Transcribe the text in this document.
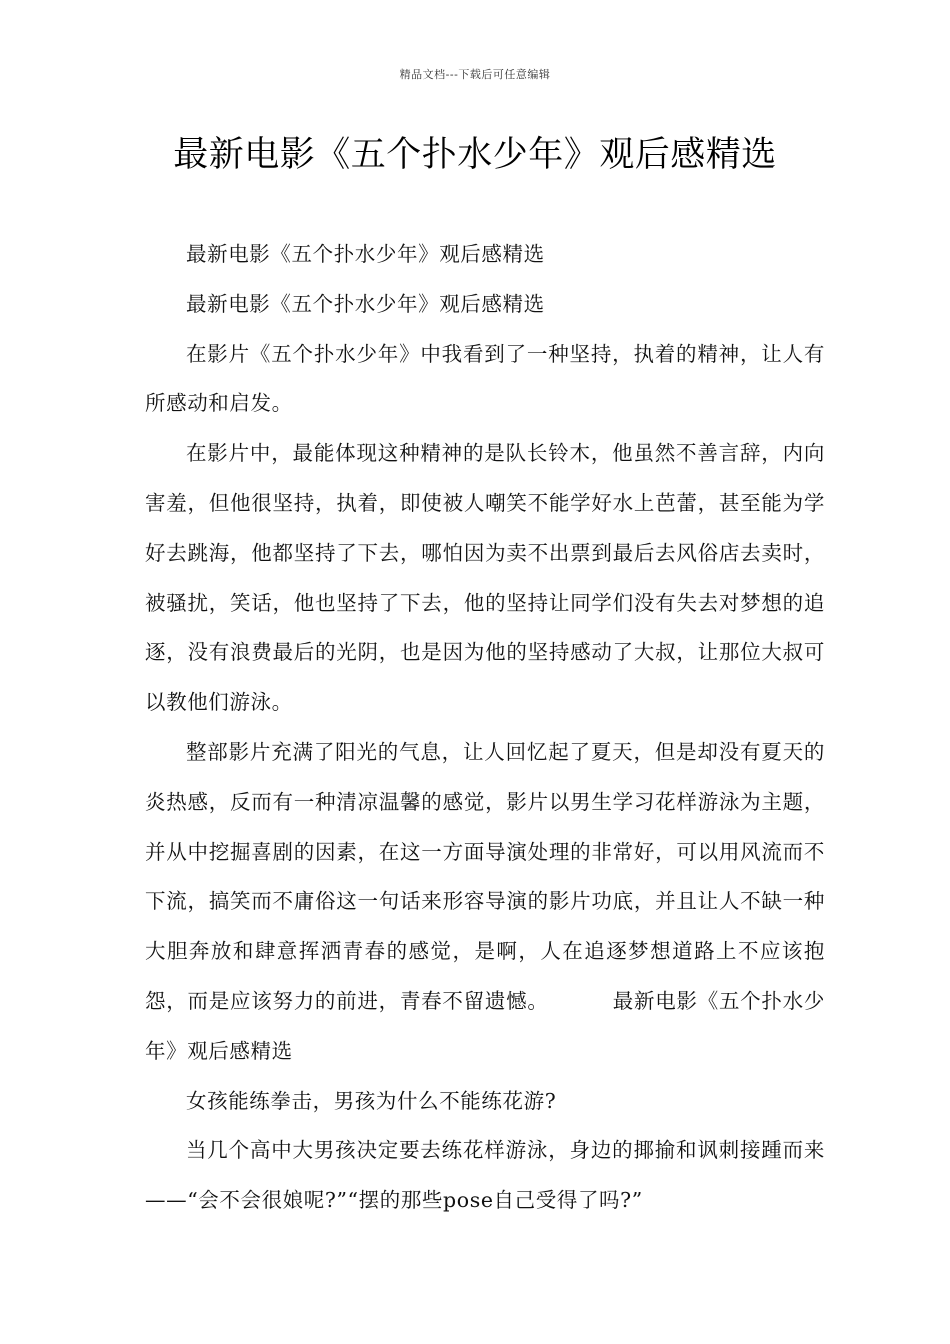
精品文档---下载后可任意编辑
最新电影《五个扑水少年》观后感精选

最新电影《五个扑水少年》观后感精选

最新电影《五个扑水少年》观后感精选

在影片《五个扑水少年》中我看到了一种坚持，执着的精神，让人有所感动和启发。

在影片中，最能体现这种精神的是队长铃木，他虽然不善言辞，内向害羞，但他很坚持，执着，即使被人嘲笑不能学好水上芭蕾，甚至能为学好去跳海，他都坚持了下去，哪怕因为卖不出票到最后去风俗店去卖时，被骚扰，笑话，他也坚持了下去，他的坚持让同学们没有失去对梦想的追逐，没有浪费最后的光阴，也是因为他的坚持感动了大叔，让那位大叔可以教他们游泳。

整部影片充满了阳光的气息，让人回忆起了夏天，但是却没有夏天的炎热感，反而有一种清凉温馨的感觉，影片以男生学习花样游泳为主题，并从中挖掘喜剧的因素，在这一方面导演处理的非常好，可以用风流而不下流，搞笑而不庸俗这一句话来形容导演的影片功底，并且让人不缺一种大胆奔放和肆意挥洒青春的感觉，是啊，人在追逐梦想道路上不应该抱怨，而是应该努力的前进，青春不留遗憾。	最新电影《五个扑水少年》观后感精选

女孩能练拳击，男孩为什么不能练花游?

当几个高中大男孩决定要去练花样游泳，身边的揶揄和讽刺接踵而来——“会不会很娘呢?”“摆的那些pose自己受得了吗?”
